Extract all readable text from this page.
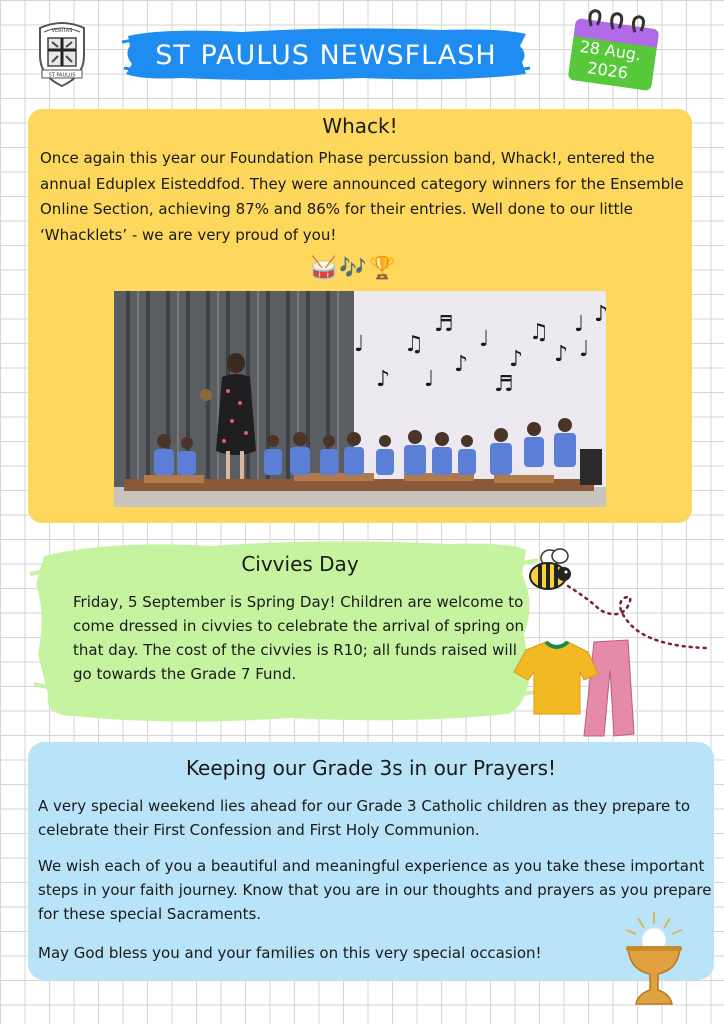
VERITAS
ST PAULUS
ST PAULUS NEWSFLASH	28 Aug.
2026
Whack!
Once again this year our Foundation Phase percussion band, Whack!, entered the annual Eduplex Eisteddfod. They were announced category winners for the Ensemble Online Section, achieving 87% and 86% for their entries. Well done to our little ‘Whacklets’ - we are very proud of you!
🥁 🎶 🏆
♫
♬
♪
♩
♪
♫
♪
♩ ♪
♪ ♩	♬
♩	♩
Civvies Day
Friday, 5 September is Spring Day! Children are welcome to come dressed in civvies to celebrate the arrival of spring on that day. The cost of the civvies is R10; all funds raised will go towards the Grade 7 Fund.
Keeping our Grade 3s in our Prayers!
A very special weekend lies ahead for our Grade 3 Catholic children as they prepare to celebrate their First Confession and First Holy Communion.
We wish each of you a beautiful and meaningful experience as you take these important steps in your faith journey. Know that you are in our thoughts and prayers as you prepare for these special Sacraments.
May God bless you and your families on this very special occasion!
